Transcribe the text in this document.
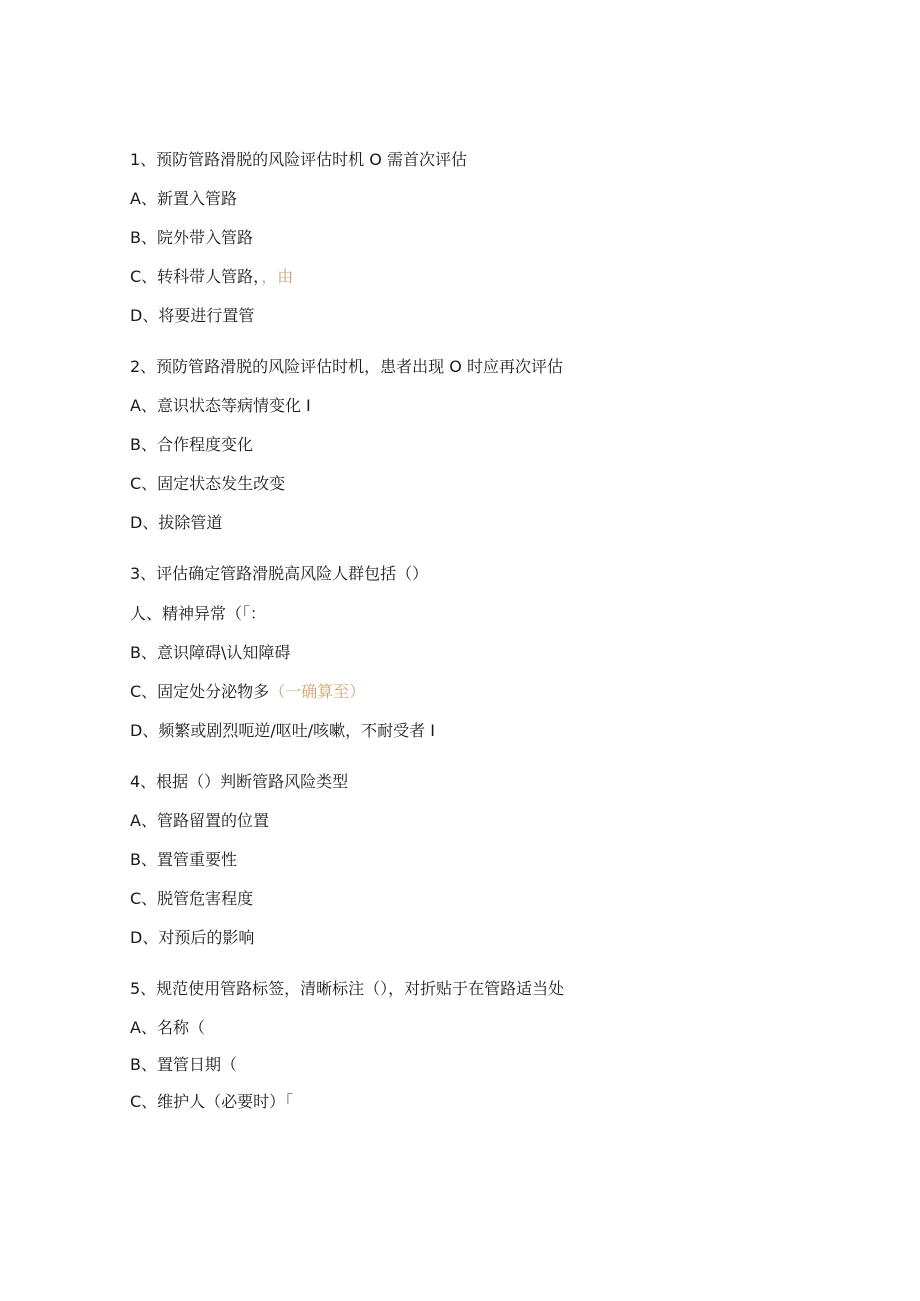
1、预防管路滑脱的风险评估时机 O 需首次评估
A、新置入管路
B、院外带入管路
C、转科带人管路，，由
D、将要进行置管
2、预防管路滑脱的风险评估时机，患者出现 O 时应再次评估
A、意识状态等病情变化 I
B、合作程度变化
C、固定状态发生改变
D、拔除管道
3、评估确定管路滑脱高风险人群包括（）
人、精神异常（「：
B、意识障碍\认知障碍
C、固定处分泌物多（一确算至）
D、频繁或剧烈呃逆/呕吐/咳嗽，不耐受者 I
4、根据（）判断管路风险类型
A、管路留置的位置
B、置管重要性
C、脱管危害程度
D、对预后的影响
5、规范使用管路标签，清晰标注（），对折贴于在管路适当处
A、名称（
B、置管日期（
C、维护人（必要时）「
